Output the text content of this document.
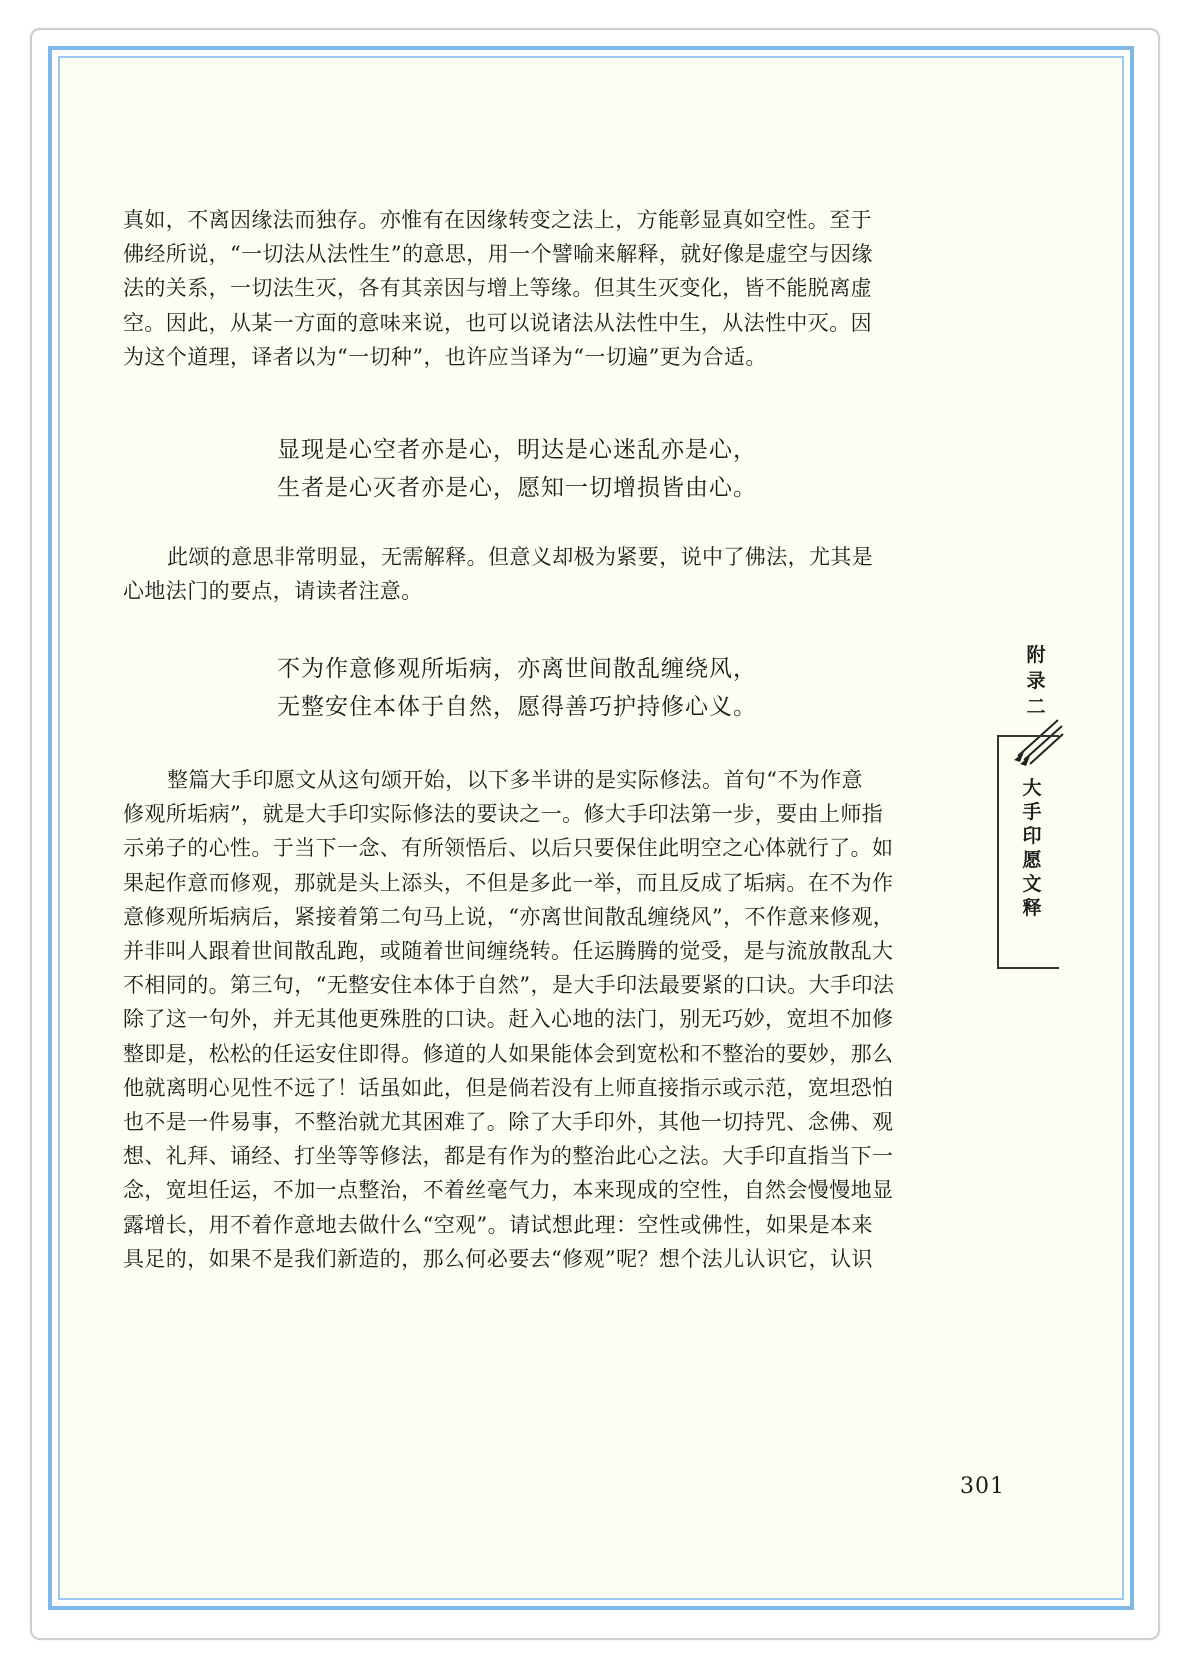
真如，不离因缘法而独存。亦惟有在因缘转变之法上，方能彰显真如空性。至于

佛经所说，“一切法从法性生”的意思，用一个譬喻来解释，就好像是虚空与因缘

法的关系，一切法生灭，各有其亲因与增上等缘。但其生灭变化，皆不能脱离虚

空。因此，从某一方面的意味来说，也可以说诸法从法性中生，从法性中灭。因

为这个道理，译者以为“一切种”，也许应当译为“一切遍”更为合适。

显现是心空者亦是心，明达是心迷乱亦是心，
生者是心灭者亦是心，愿知一切增损皆由心。

此颂的意思非常明显，无需解释。但意义却极为紧要，说中了佛法，尤其是

心地法门的要点，请读者注意。

不为作意修观所垢病，亦离世间散乱缠绕风，
无整安住本体于自然，愿得善巧护持修心义。

整篇大手印愿文从这句颂开始，以下多半讲的是实际修法。首句“不为作意

修观所垢病”，就是大手印实际修法的要诀之一。修大手印法第一步，要由上师指

示弟子的心性。于当下一念、有所领悟后、以后只要保住此明空之心体就行了。如

果起作意而修观，那就是头上添头，不但是多此一举，而且反成了垢病。在不为作

意修观所垢病后，紧接着第二句马上说，“亦离世间散乱缠绕风”，不作意来修观，

并非叫人跟着世间散乱跑，或随着世间缠绕转。任运腾腾的觉受，是与流放散乱大

不相同的。第三句，“无整安住本体于自然”，是大手印法最要紧的口诀。大手印法

除了这一句外，并无其他更殊胜的口诀。赶入心地的法门，别无巧妙，宽坦不加修

整即是，松松的任运安住即得。修道的人如果能体会到宽松和不整治的要妙，那么

他就离明心见性不远了！话虽如此，但是倘若没有上师直接指示或示范，宽坦恐怕

也不是一件易事，不整治就尤其困难了。除了大手印外，其他一切持咒、念佛、观

想、礼拜、诵经、打坐等等修法，都是有作为的整治此心之法。大手印直指当下一

念，宽坦任运，不加一点整治，不着丝毫气力，本来现成的空性，自然会慢慢地显

露增长，用不着作意地去做什么“空观”。请试想此理：空性或佛性，如果是本来

具足的，如果不是我们新造的，那么何必要去“修观”呢？想个法儿认识它，认识

附
录
二
大
手
印
愿
文
释
301
